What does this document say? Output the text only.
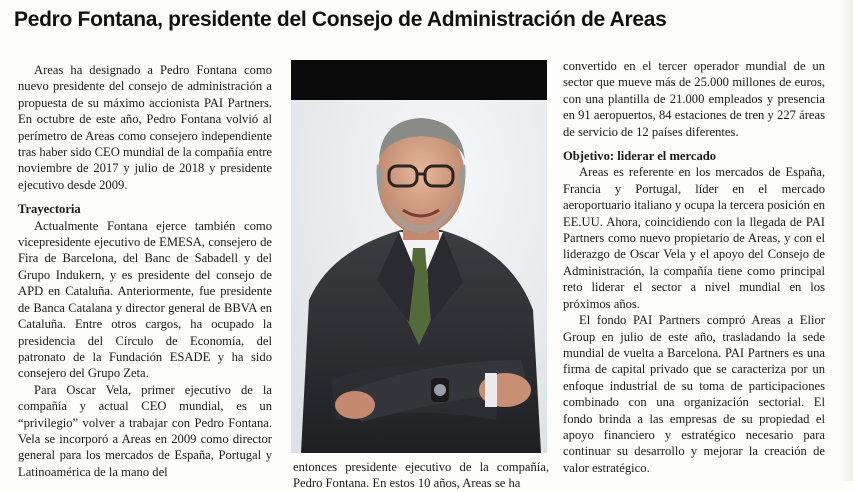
Pedro Fontana, presidente del Consejo de Administración de Areas

Areas ha designado a Pedro Fontana como nuevo presidente del consejo de administración a propuesta de su máximo accionista PAI Partners. En octubre de este año, Pedro Fontana volvió al perímetro de Areas como consejero independiente tras haber sido CEO mundial de la compañía entre noviembre de 2017 y julio de 2018 y presidente ejecutivo desde 2009.

Trayectoria

Actualmente Fontana ejerce también como vicepresidente ejecutivo de EMESA, consejero de Fira de Barcelona, del Banc de Sabadell y del Grupo Indukern, y es presidente del consejo de APD en Cataluña. Anteriormente, fue presidente de Banca Catalana y director general de BBVA en Cataluña. Entre otros cargos, ha ocupado la presidencia del Círculo de Economía, del patronato de la Fundación ESADE y ha sido consejero del Grupo Zeta.

Para Oscar Vela, primer ejecutivo de la compañía y actual CEO mundial, es un “privilegio” volver a trabajar con Pedro Fontana. Vela se incorporó a Areas en 2009 como director general para los mercados de España, Portugal y Latinoamérica de la mano del	entonces presidente ejecutivo de la compañía, Pedro Fontana. En estos 10 años, Areas se ha

convertido en el tercer operador mundial de un sector que mueve más de 25.000 millones de euros, con una plantilla de 21.000 empleados y presencia en 91 aeropuertos, 84 estaciones de tren y 227 áreas de servicio de 12 países diferentes.

Objetivo: liderar el mercado

Areas es referente en los mercados de España, Francia y Portugal, líder en el mercado aeroportuario italiano y ocupa la tercera posición en EE.UU. Ahora, coincidiendo con la llegada de PAI Partners como nuevo propietario de Areas, y con el liderazgo de Oscar Vela y el apoyo del Consejo de Administración, la compañía tiene como principal reto liderar el sector a nivel mundial en los próximos años.

El fondo PAI Partners compró Areas a Elior Group en julio de este año, trasladando la sede mundial de vuelta a Barcelona. PAI Partners es una firma de capital privado que se caracteriza por un enfoque industrial de su toma de participaciones combinado con una organización sectorial. El fondo brinda a las empresas de su propiedad el apoyo financiero y estratégico necesario para continuar su desarrollo y mejorar la creación de valor estratégico.
